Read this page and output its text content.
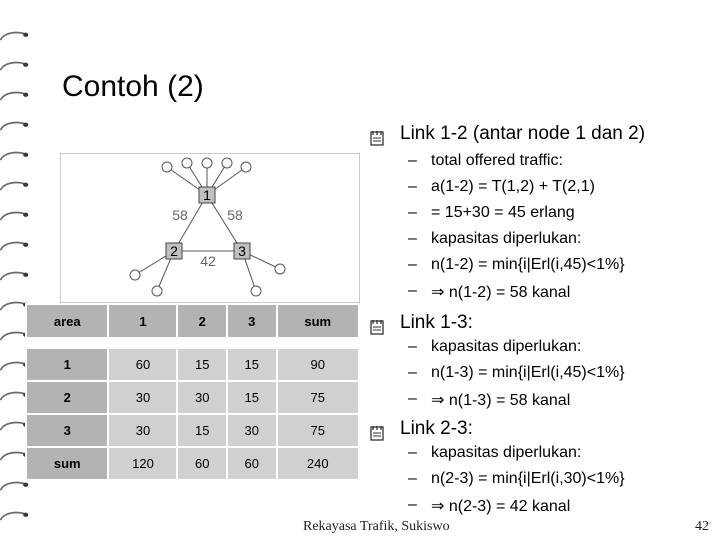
Contoh (2)
1
2	3
58	58
42
area	1	2	3	sum

1	60	15	15	90
2	30	30	15	75
3	30	15	30	75
sum	120	60	60	240
Link 1-2 (antar node 1 dan 2)
– total offered traffic:
– a(1-2) = T(1,2) + T(2,1)
– = 15+30 = 45 erlang
– kapasitas diperlukan:
– n(1-2) = min{i|Erl(i,45)<1%}
– ⇒ n(1-2) = 58 kanal
Link 1-3:
– kapasitas diperlukan:
– n(1-3) = min{i|Erl(i,45)<1%}
– ⇒ n(1-3) = 58 kanal
Link 2-3:
– kapasitas diperlukan:
– n(2-3) = min{i|Erl(i,30)<1%}
– ⇒ n(2-3) = 42 kanal
Rekayasa Trafik, Sukiswo	42
